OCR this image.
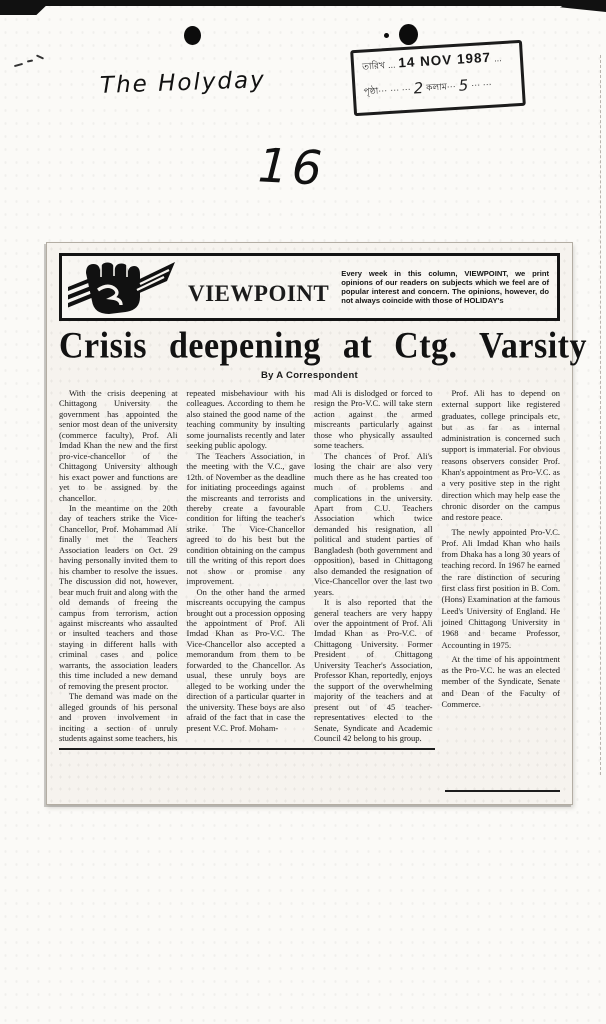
The Holyday
16
তারিখ ... 14 NOV 1987 ...
পৃষ্ঠা··· ··· ··· 2 কলাম··· 5 ··· ···
VIEWPOINT
Every week in this column, VIEWPOINT, we print opinions of our readers on subjects which we feel are of popular interest and concern. The opinions, however, do not always coincide with those of HOLIDAY's
Crisis deepening at Ctg. Varsity
By A Correspondent

With the crisis deepening at Chittagong University the government has appointed the senior most dean of the university (commerce faculty), Prof. Ali Imdad Khan the new and the first pro-vice-chancellor of the Chittagong University although his exact power and functions are yet to be assigned by the chancellor.

In the meantime on the 20th day of teachers strike the Vice-Chancellor, Prof. Mohammad Ali finally met the Teachers Association leaders on Oct. 29 having personally invited them to his chamber to resolve the issues. The discussion did not, however, bear much fruit and along with the old demands of freeing the campus from terrorism, action against miscreants who assaulted or insulted teachers and those staying in different halls with criminal cases and police warrants, the association leaders this time included a new demand of removing the present proctor.

The demand was made on the alleged grounds of his personal and proven involvement in inciting a section of unruly students against some teachers, his

repeated misbehaviour with his colleagues. According to them he also stained the good name of the teaching community by insulting some journalists recently and later seeking public apology.

The Teachers Association, in the meeting with the V.C., gave 12th. of November as the deadline for initiating proceedings against the miscreants and terrorists and thereby create a favourable condition for lifting the teacher's strike. The Vice-Chancellor agreed to do his best but the condition obtaining on the campus till the writing of this report does not show or promise any improvement.

On the other hand the armed miscreants occupying the campus brought out a procession opposing the appointment of Prof. Ali Imdad Khan as Pro-V.C. The Vice-Chancellor also accepted a memorandum from them to be forwarded to the Chancellor. As usual, these unruly boys are alleged to be working under the direction of a particular quarter in the university. These boys are also afraid of the fact that in case the present V.C. Prof. Moham-

mad Ali is dislodged or forced to resign the Pro-V.C. will take stern action against the armed miscreants particularly against those who physically assaulted some teachers.

The chances of Prof. Ali's losing the chair are also very much there as he has created too much of problems and complications in the university. Apart from C.U. Teachers Association which twice demanded his resignation, all political and student parties of Bangladesh (both government and opposition), based in Chittagong also demanded the resignation of Vice-Chancellor over the last two years.

It is also reported that the general teachers are very happy over the appointment of Prof. Ali Imdad Khan as Pro-V.C. of Chittagong University. Former President of Chittagong University Teacher's Association, Professor Khan, reportedly, enjoys the support of the overwhelming majority of the teachers and at present out of 45 teacher-representatives elected to the Senate, Syndicate and Academic Council 42 belong to his group.

Prof. Ali has to depend on external support like registered graduates, college principals etc, but as far as internal administration is concerned such support is immaterial. For obvious reasons observers consider Prof. Khan's appointment as Pro-V.C. as a very positive step in the right direction which may help ease the chronic disorder on the campus and restore peace.

The newly appointed Pro-V.C. Prof. Ali Imdad Khan who hails from Dhaka has a long 30 years of teaching record. In 1967 he earned the rare distinction of securing first class first position in B. Com. (Hons) Examination at the famous Leed's University of England. He joined Chittagong University in 1968 and became Professor, Accounting in 1975.

At the time of his appointment as the Pro-V.C. he was an elected member of the Syndicate, Senate and Dean of the Faculty of Commerce.
